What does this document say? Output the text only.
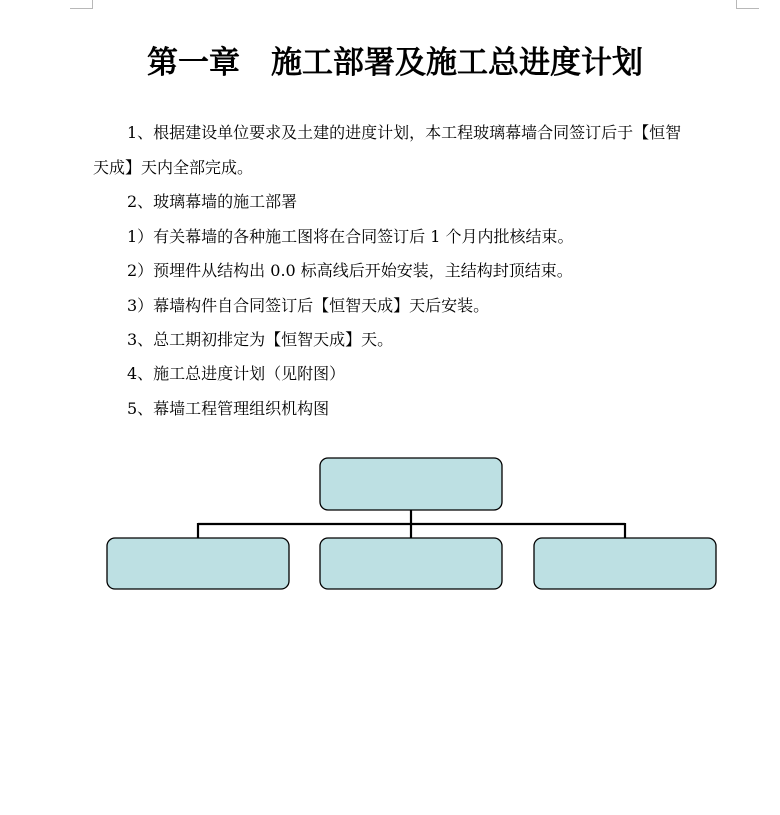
第一章　施工部署及施工总进度计划
1、根据建设单位要求及土建的进度计划，本工程玻璃幕墙合同签订后于【恒智
天成】天内全部完成。
2、玻璃幕墙的施工部署
1）有关幕墙的各种施工图将在合同签订后 1 个月内批核结束。
2）预埋件从结构出 0.0 标高线后开始安装，主结构封顶结束。
3）幕墙构件自合同签订后【恒智天成】天后安装。
3、总工期初排定为【恒智天成】天。
4、施工总进度计划（见附图）
5、幕墙工程管理组织机构图
